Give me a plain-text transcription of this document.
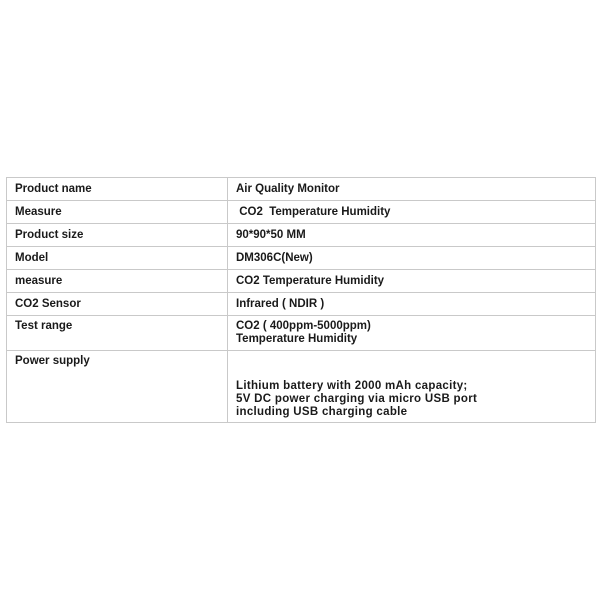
Product name	Air Quality Monitor

Measure	CO2  Temperature Humidity

Product size	90*90*50 MM

Model	DM306C(New)

measure	CO2 Temperature Humidity

CO2 Sensor	Infrared ( NDIR )

Test range	CO2 ( 400ppm-5000ppm)
Temperature Humidity

Power supply	Lithium battery with 2000 mAh capacity;
5V DC power charging via micro USB port
including USB charging cable
